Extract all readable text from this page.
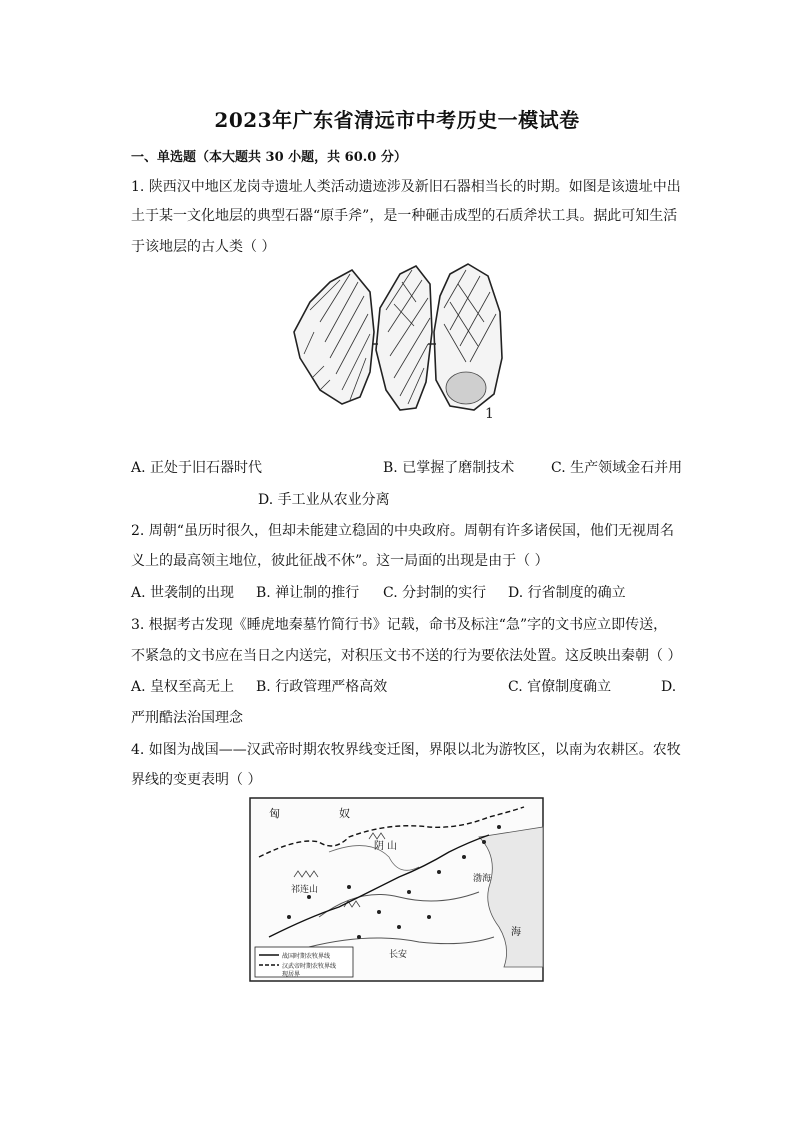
2023年广东省清远市中考历史一模试卷
一、单选题（本大题共 30 小题，共 60.0 分）
1. 陕西汉中地区龙岗寺遗址人类活动遗迹涉及新旧石器相当长的时期。如图是该遗址中出
土于某一文化地层的典型石器“原手斧”，是一种砸击成型的石质斧状工具。据此可知生活
于该地层的古人类（ ）
1
A. 正处于旧石器时代	B. 已掌握了磨制技术	C. 生产领域金石并用
D. 手工业从农业分离
2. 周朝“虽历时很久，但却未能建立稳固的中央政府。周朝有许多诸侯国，他们无视周名
义上的最高领主地位，彼此征战不休”。这一局面的出现是由于（ ）
A. 世袭制的出现 B. 禅让制的推行 C. 分封制的实行 D. 行省制度的确立
3. 根据考古发现《睡虎地秦墓竹简行书》记载，命书及标注“急”字的文书应立即传送，
不紧急的文书应在当日之内送完，对积压文书不送的行为要依法处置。这反映出秦朝（ ）
A. 皇权至高无上 B. 行政管理严格高效	C. 官僚制度确立	D.
严刑酷法治国理念
4. 如图为战国——汉武帝时期农牧界线变迁图，界限以北为游牧区，以南为农耕区。农牧
界线的变更表明（ ）
匈	奴
阴 山
祁连山
长安
渤海
海
战国时期农牧界线
汉武帝时期农牧界线
现居界
